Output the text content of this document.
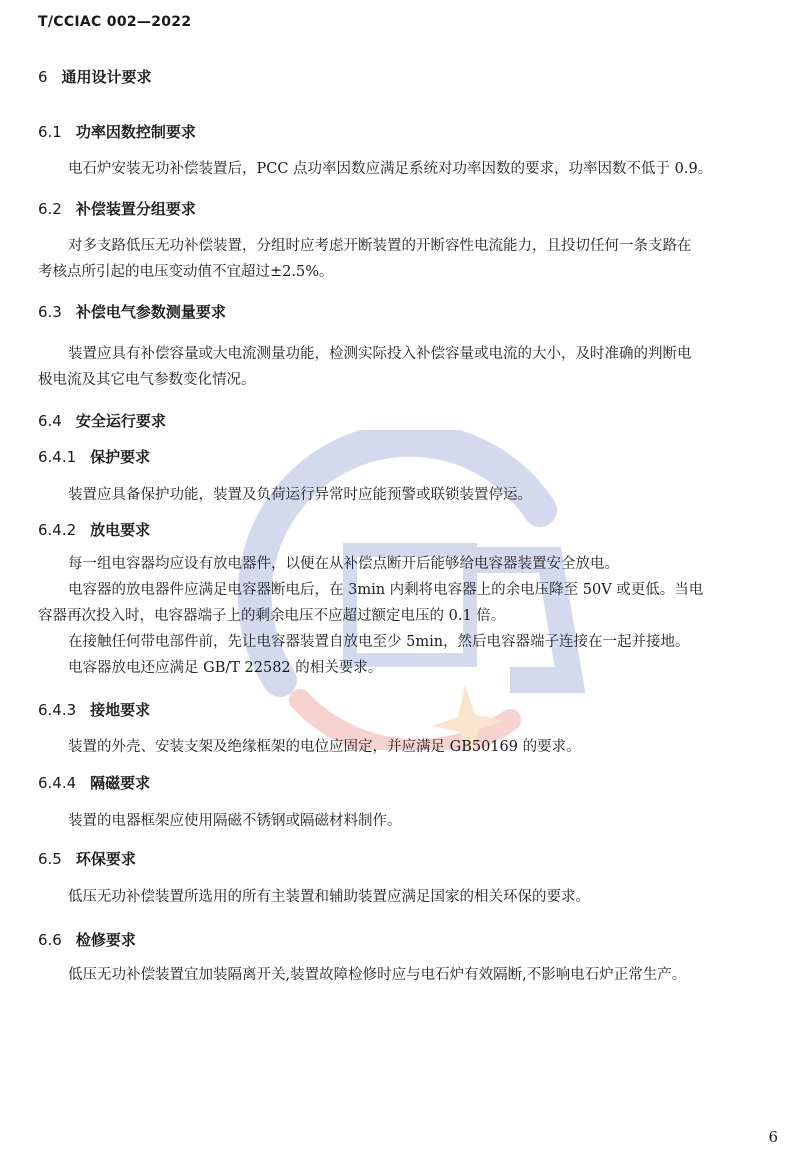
T/CCIAC 002—2022
6 通用设计要求
6.1 功率因数控制要求
电石炉安装无功补偿装置后，PCC 点功率因数应满足系统对功率因数的要求，功率因数不低于 0.9。
6.2 补偿装置分组要求
对多支路低压无功补偿装置，分组时应考虑开断装置的开断容性电流能力，且投切任何一条支路在
考核点所引起的电压变动值不宜超过±2.5%。
6.3 补偿电气参数测量要求
装置应具有补偿容量或大电流测量功能，检测实际投入补偿容量或电流的大小，及时准确的判断电
极电流及其它电气参数变化情况。
6.4 安全运行要求
6.4.1 保护要求
装置应具备保护功能，装置及负荷运行异常时应能预警或联锁装置停运。
6.4.2 放电要求
每一组电容器均应设有放电器件，以便在从补偿点断开后能够给电容器装置安全放电。
电容器的放电器件应满足电容器断电后，在 3min 内剩将电容器上的余电压降至 50V 或更低。当电
容器再次投入时，电容器端子上的剩余电压不应超过额定电压的 0.1 倍。
在接触任何带电部件前，先让电容器装置自放电至少 5min，然后电容器端子连接在一起并接地。
电容器放电还应满足 GB/T 22582 的相关要求。
6.4.3 接地要求
装置的外壳、安装支架及绝缘框架的电位应固定，并应满足 GB50169 的要求。
6.4.4 隔磁要求
装置的电器框架应使用隔磁不锈钢或隔磁材料制作。
6.5 环保要求
低压无功补偿装置所选用的所有主装置和辅助装置应满足国家的相关环保的要求。
6.6 检修要求
低压无功补偿装置宜加装隔离开关,装置故障检修时应与电石炉有效隔断,不影响电石炉正常生产。
6
